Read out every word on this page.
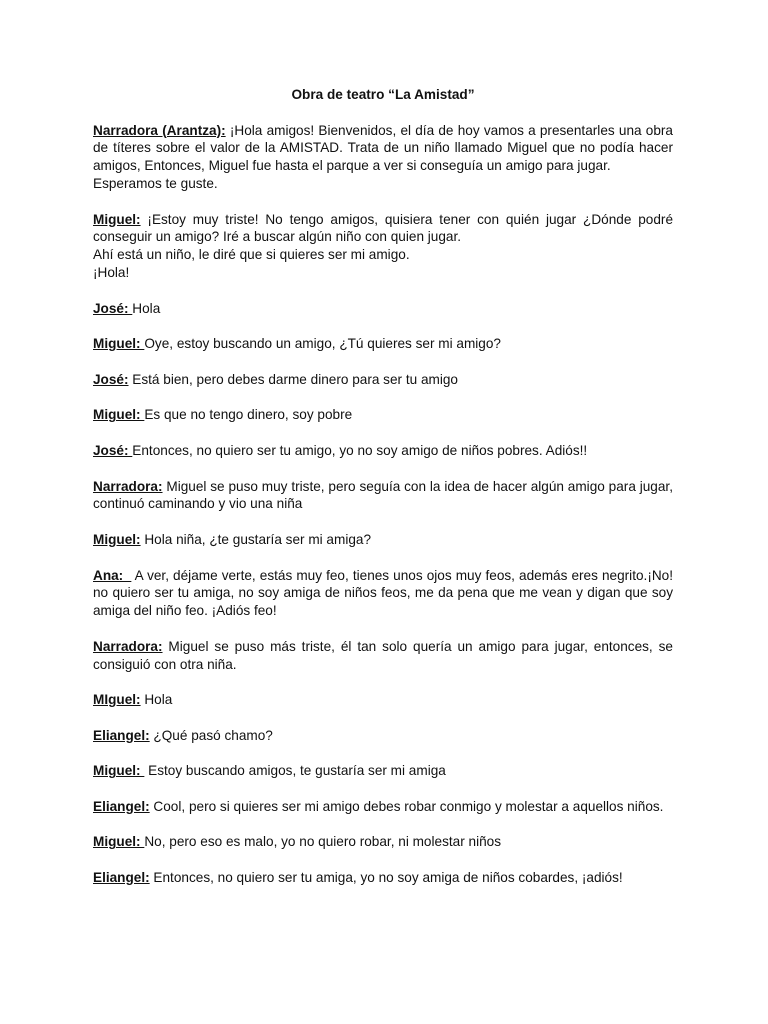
Obra de teatro “La Amistad”

Narradora (Arantza): ¡Hola amigos! Bienvenidos, el día de hoy vamos a presentarles una obra de títeres sobre el valor de la AMISTAD. Trata de un niño llamado Miguel que no podía hacer amigos, Entonces, Miguel fue hasta el parque a ver si conseguía un amigo para jugar.
Esperamos te guste.

Miguel: ¡Estoy muy triste! No tengo amigos, quisiera tener con quién jugar ¿Dónde podré conseguir un amigo? Iré a buscar algún niño con quien jugar.
Ahí está un niño, le diré que si quieres ser mi amigo.
¡Hola!

José: Hola

Miguel: Oye, estoy buscando un amigo, ¿Tú quieres ser mi amigo?

José: Está bien, pero debes darme dinero para ser tu amigo

Miguel: Es que no tengo dinero, soy pobre

José: Entonces, no quiero ser tu amigo, yo no soy amigo de niños pobres. Adiós!!

Narradora: Miguel se puso muy triste, pero seguía con la idea de hacer algún amigo para jugar, continuó caminando y vio una niña

Miguel: Hola niña, ¿te gustaría ser mi amiga?

Ana:   A ver, déjame verte, estás muy feo, tienes unos ojos muy feos, además eres negrito.¡No! no quiero ser tu amiga, no soy amiga de niños feos, me da pena que me vean y digan que soy amiga del niño feo. ¡Adiós feo!

Narradora: Miguel se puso más triste, él tan solo quería un amigo para jugar, entonces, se consiguió con otra niña.

MIguel: Hola

Eliangel: ¿Qué pasó chamo?

Miguel:  Estoy buscando amigos, te gustaría ser mi amiga

Eliangel: Cool, pero si quieres ser mi amigo debes robar conmigo y molestar a aquellos niños.

Miguel: No, pero eso es malo, yo no quiero robar, ni molestar niños

Eliangel: Entonces, no quiero ser tu amiga, yo no soy amiga de niños cobardes, ¡adiós!
